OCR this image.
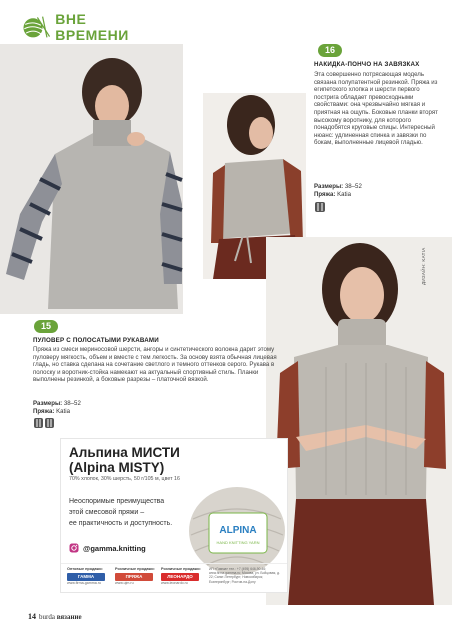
ВНЕ ВРЕМЕНИ
16
НАКИДКА-ПОНЧО НА ЗАВЯЗКАХ
Эта совершенно потрясающая модель связана полупатентной резинкой. Пряжа из египетского хлопка и шерсти первого пострига обладает превосходными свойствами: она чрезвычайно мягкая и приятная на ощупь. Боковые планки вторят высокому воротнику, для которого понадобятся круговые спицы. Интересный нюанс: удлиненная спинка и завязки по бокам, выполненные лицевой гладью.
Размеры: 38–52
Пряжа: Katia
15
ПУЛОВЕР С ПОЛОСАТЫМИ РУКАВАМИ
Пряжа из смеси мериносовой шерсти, ангоры и синтетического волокна дарит этому пуловеру мягкость, объем и вместе с тем легкость. За основу взята обычная лицевая гладь, но ставка сделана на сочетание светлого и темного оттенков серого. Рукава в полоску и воротник-стойка намекают на актуальный спортивный стиль. Планки выполнены резинкой, а боковые разрезы – платочной вязкой.
Размеры: 38–52
Пряжа: Katia
ДИЗАЙН: KATIA
Альпина МИСТИ
(Alpina MISTY)
70% хлопок, 30% шерсть, 50 г/105 м, цвет 16
Неоспоримые преимущества
этой смесовой пряжи –
ее практичность и доступность.
@gamma.knitting
ALPINA
HAND KNITTING YARN
Оптовые продажи:
ГАММА
www.firma-gamma.ru
Розничные продажи:
ПРЯЖА
www.ujm.ru
Розничные продажи:
ЛЕОНАРДО
www.leonardo.ru
ИП «Гамма» тел.: +7 (495) 646-90-46; www.firma-gamma.ru; Москва, ул. Бойцовая, д. 22; Санкт-Петербург; Новосибирск; Екатеринбург; Ростов-на-Дону
14 burda вязание
